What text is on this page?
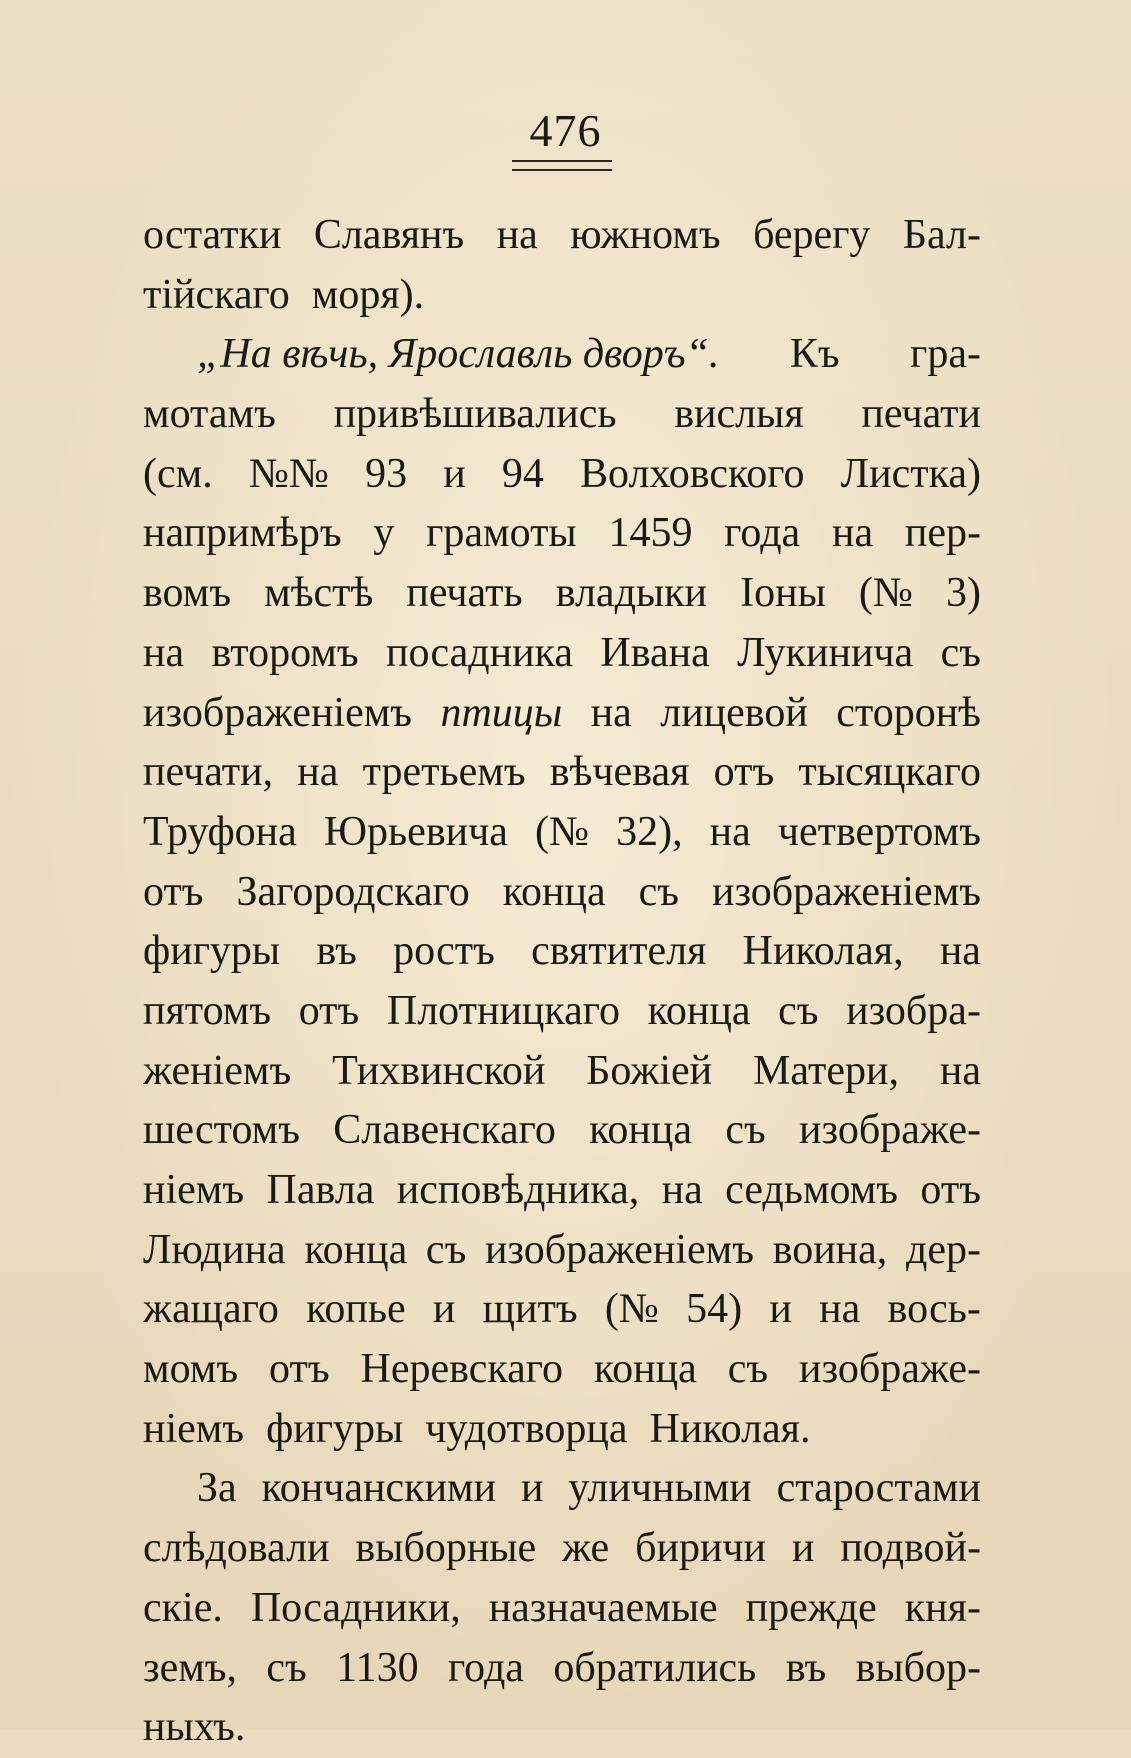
476
остатки Славянъ на южномъ берегу Бал-
тійскаго моря).
„На вѣчь, Ярославль дворъ“. Къ гра-
мотамъ привѣшивались вислыя печати
(см. №№ 93 и 94 Волховского Листка)
напримѣръ у грамоты 1459 года на пер-
вомъ мѣстѣ печать владыки Іоны (№ 3)
на второмъ посадника Ивана Лукинича съ
изображеніемъ птицы на лицевой сторонѣ
печати, на третьемъ вѣчевая отъ тысяцкаго
Труфона Юрьевича (№ 32), на четвертомъ
отъ Загородскаго конца съ изображеніемъ
фигуры въ ростъ святителя Николая, на
пятомъ отъ Плотницкаго конца съ изобра-
женіемъ Тихвинской Божіей Матери, на
шестомъ Славенскаго конца съ изображе-
ніемъ Павла исповѣдника, на седьмомъ отъ
Людина конца съ изображеніемъ воина, дер-
жащаго копье и щитъ (№ 54) и на вось-
момъ отъ Неревскаго конца съ изображе-
ніемъ фигуры чудотворца Николая.
За кончанскими и уличными старостами
слѣдовали выборные же биричи и подвой-
скіе. Посадники, назначаемые прежде кня-
земъ, съ 1130 года обратились въ выбор-
ныхъ.
